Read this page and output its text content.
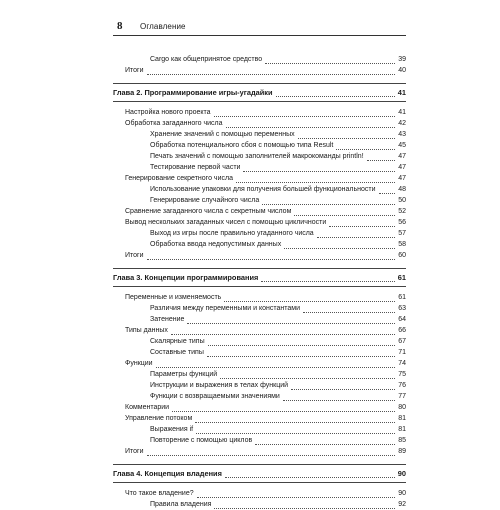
8 Оглавление
Cargo как общепринятое средство	39
Итоги	40
Глава 2. Программирование игры-угадайки	41
Настройка нового проекта	41
Обработка загаданного числа	42
Хранение значений с помощью переменных	43
Обработка потенциального сбоя с помощью типа Result	45
Печать значений с помощью заполнителей макрокоманды println!	47
Тестирование первой части	47
Генерирование секретного числа	47
Использование упаковки для получения большей функциональности	48
Генерирование случайного числа	50
Сравнение загаданного числа с секретным числом	52
Вывод нескольких загаданных чисел с помощью цикличности	56
Выход из игры после правильно угаданного числа	57
Обработка ввода недопустимых данных	58
Итоги	60
Глава 3. Концепции программирования	61
Переменные и изменяемость	61
Различия между переменными и константами	63
Затенение	64
Типы данных	66
Скалярные типы	67
Составные типы	71
Функции	74
Параметры функций	75
Инструкции и выражения в телах функций	76
Функции с возвращаемыми значениями	77
Комментарии	80
Управление потоком	81
Выражения if	81
Повторение с помощью циклов	85
Итоги	89
Глава 4. Концепция владения	90
Что такое владение?	90
Правила владения	92
